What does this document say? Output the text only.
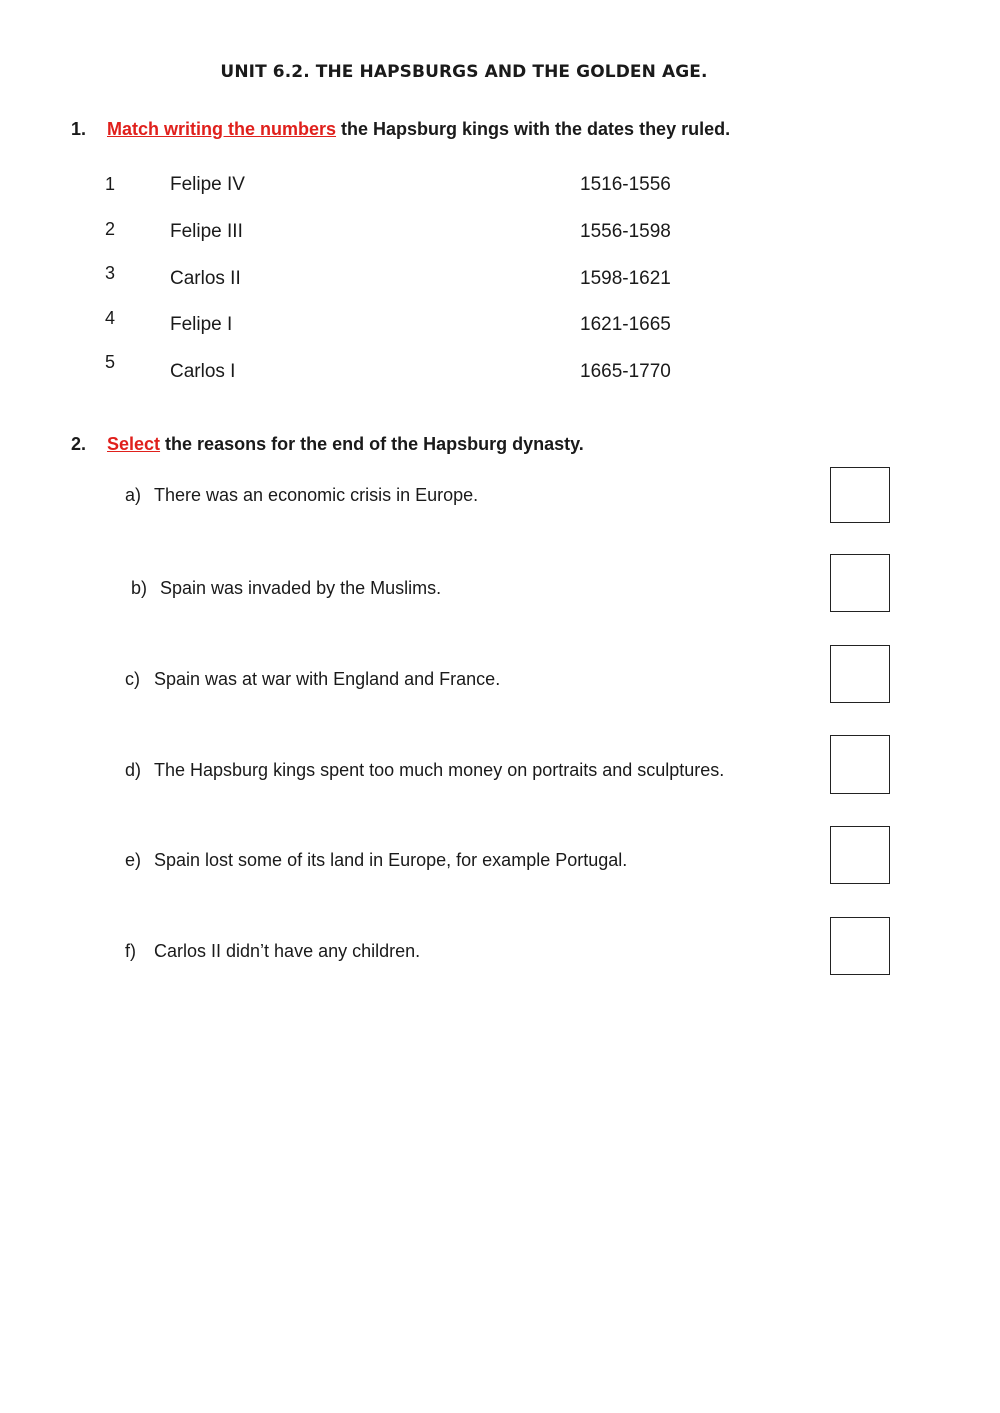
UNIT 6.2. THE HAPSBURGS AND THE GOLDEN AGE.
1. Match writing the numbers the Hapsburg kings with the dates they ruled.
1	Felipe IV	1516-1556
2	Felipe III	1556-1598
3	Carlos II	1598-1621
4	Felipe I	1621-1665
5	Carlos I	1665-1770
2. Select the reasons for the end of the Hapsburg dynasty.
a) There was an economic crisis in Europe.
b) Spain was invaded by the Muslims.
c) Spain was at war with England and France.
d) The Hapsburg kings spent too much money on portraits and sculptures.
e) Spain lost some of its land in Europe, for example Portugal.
f) Carlos II didn’t have any children.
